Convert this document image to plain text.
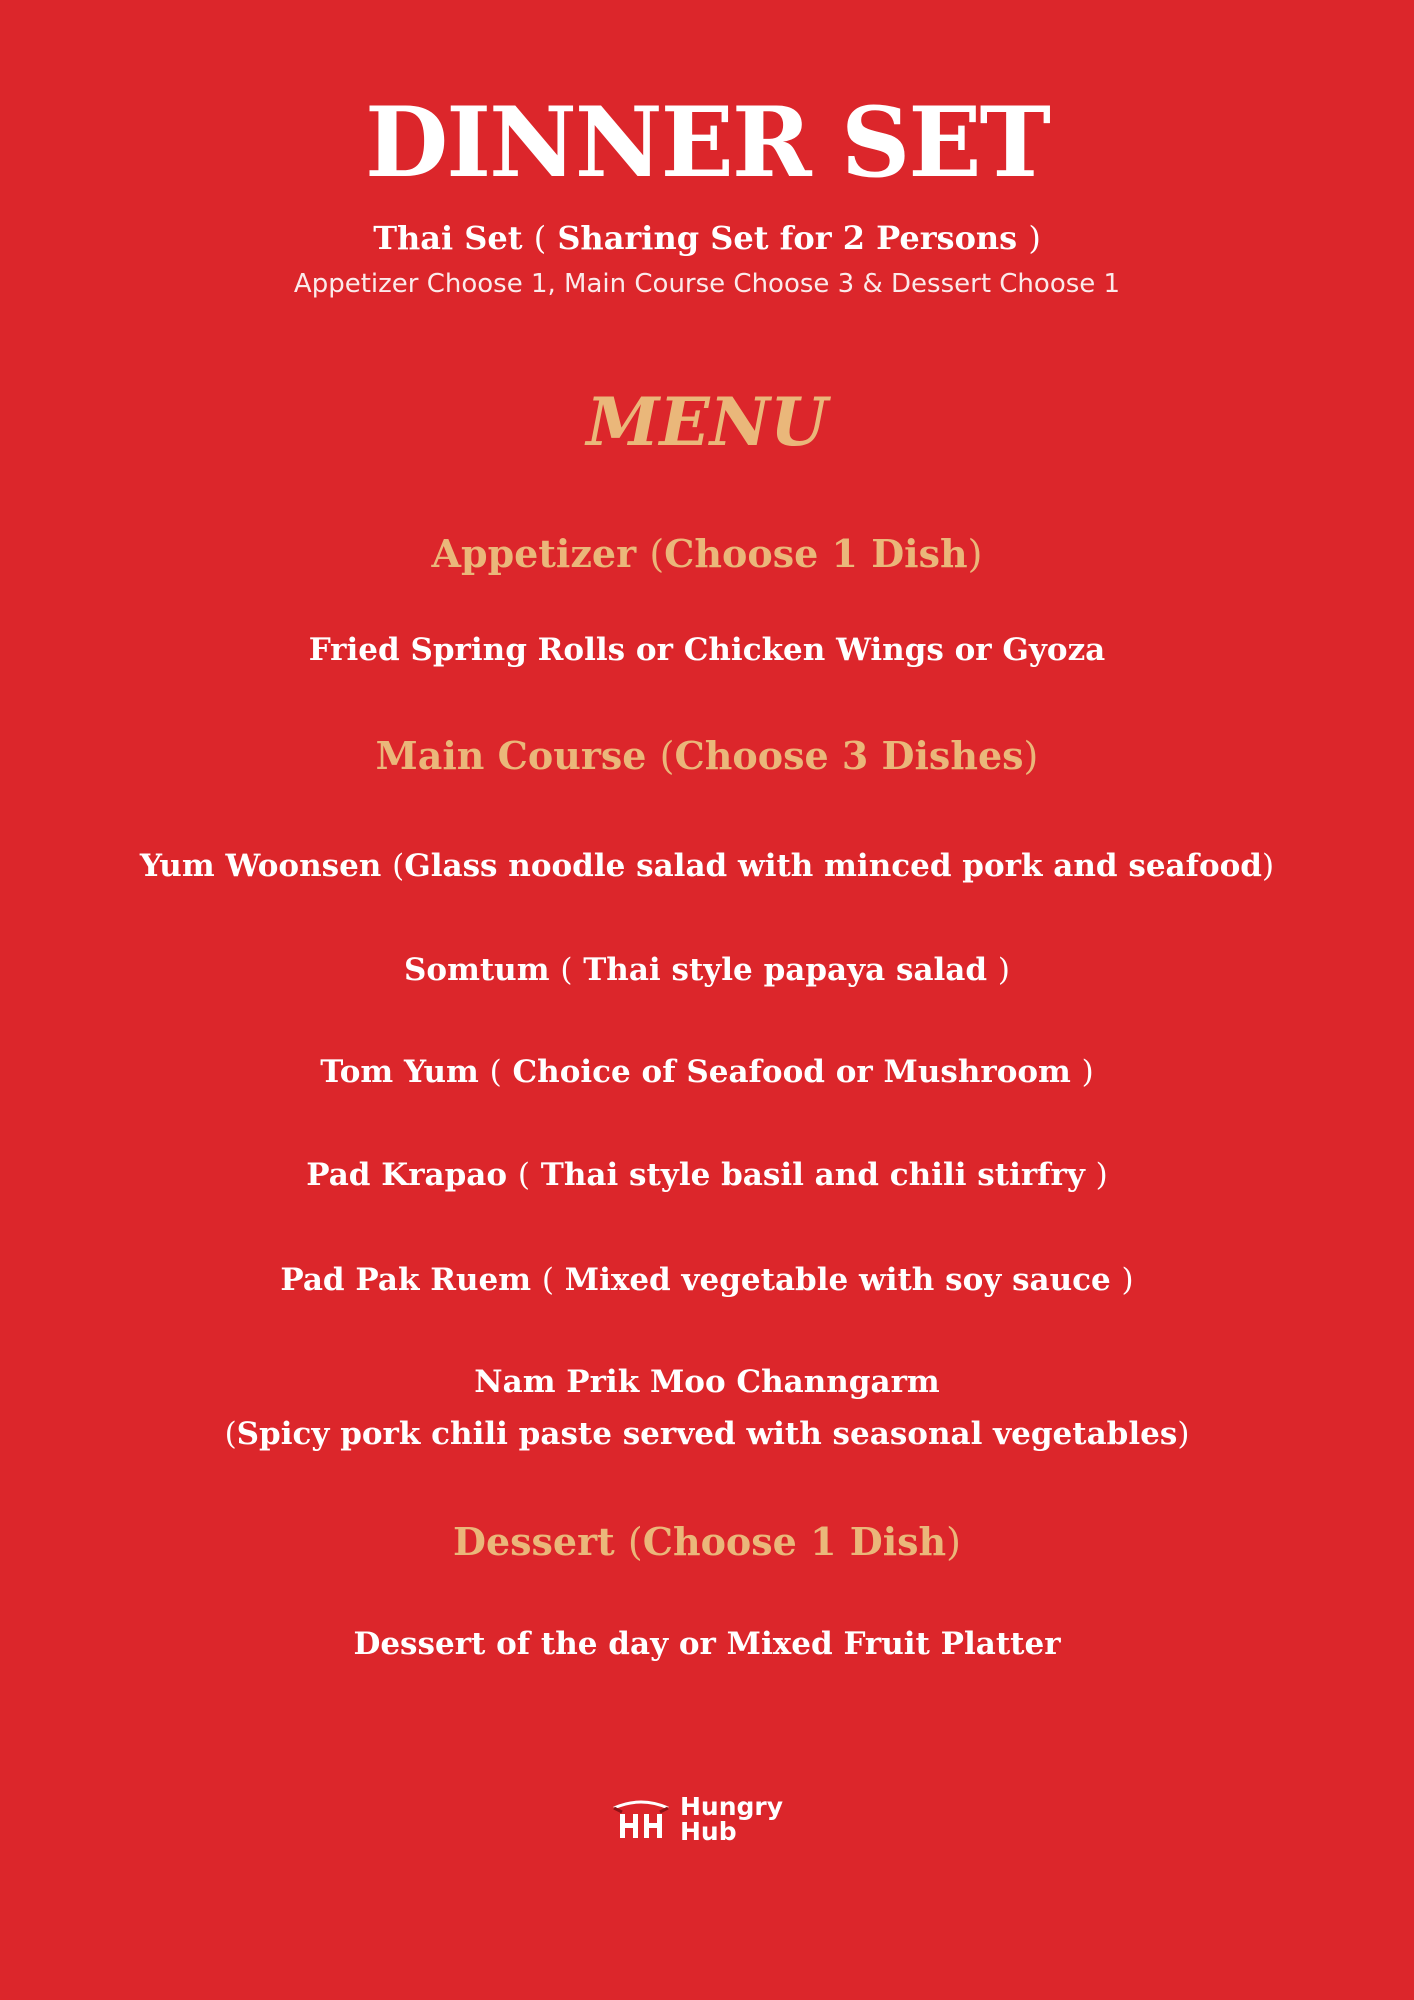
DINNER SET
Thai Set ( Sharing Set for 2 Persons )
Appetizer Choose 1, Main Course Choose 3 & Dessert Choose 1
MENU
Appetizer (Choose 1 Dish)
Fried Spring Rolls or Chicken Wings or Gyoza
Main Course (Choose 3 Dishes)
Yum Woonsen (Glass noodle salad with minced pork and seafood)
Somtum ( Thai style papaya salad )
Tom Yum ( Choice of Seafood or Mushroom )
Pad Krapao ( Thai style basil and chili stirfry )
Pad Pak Ruem ( Mixed vegetable with soy sauce )
Nam Prik Moo Channgarm
(Spicy pork chili paste served with seasonal vegetables)
Dessert (Choose 1 Dish)
Dessert of the day or Mixed Fruit Platter
Hungry
Hub
